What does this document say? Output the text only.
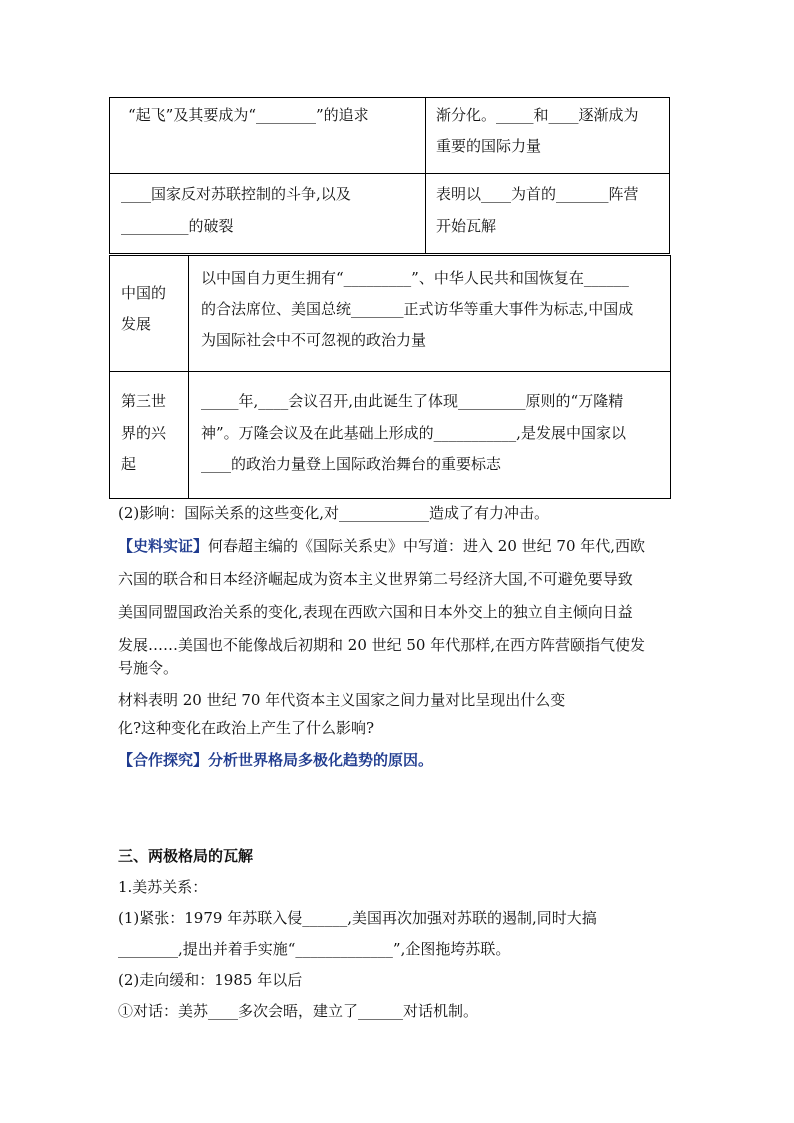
“起飞”及其要成为“________”的追求	渐分化。_____和____逐渐成为
重要的国际力量
____国家反对苏联控制的斗争,以及
_________的破裂
表明以____为首的_______阵营
开始瓦解
中国的
发展
以中国自力更生拥有“_________”、中华人民共和国恢复在______
的合法席位、美国总统_______正式访华等重大事件为标志,中国成
为国际社会中不可忽视的政治力量
第三世
界的兴
起
_____年,____会议召开,由此诞生了体现_________原则的“万隆精
神”。万隆会议及在此基础上形成的___________,是发展中国家以
____的政治力量登上国际政治舞台的重要标志
(2)影响：国际关系的这些变化,对____________造成了有力冲击。
【史料实证】何春超主编的《国际关系史》中写道：进入 20 世纪 70 年代,西欧
六国的联合和日本经济崛起成为资本主义世界第二号经济大国,不可避免要导致
美国同盟国政治关系的变化,表现在西欧六国和日本外交上的独立自主倾向日益
发展……美国也不能像战后初期和 20 世纪 50 年代那样,在西方阵营颐指气使发
号施令。
材料表明 20 世纪 70 年代资本主义国家之间力量对比呈现出什么变
化?这种变化在政治上产生了什么影响?
【合作探究】分析世界格局多极化趋势的原因。
三、两极格局的瓦解
1.美苏关系：
(1)紧张：1979 年苏联入侵______,美国再次加强对苏联的遏制,同时大搞
________,提出并着手实施“_____________”,企图拖垮苏联。
(2)走向缓和：1985 年以后
①对话：美苏____多次会晤，建立了______对话机制。
